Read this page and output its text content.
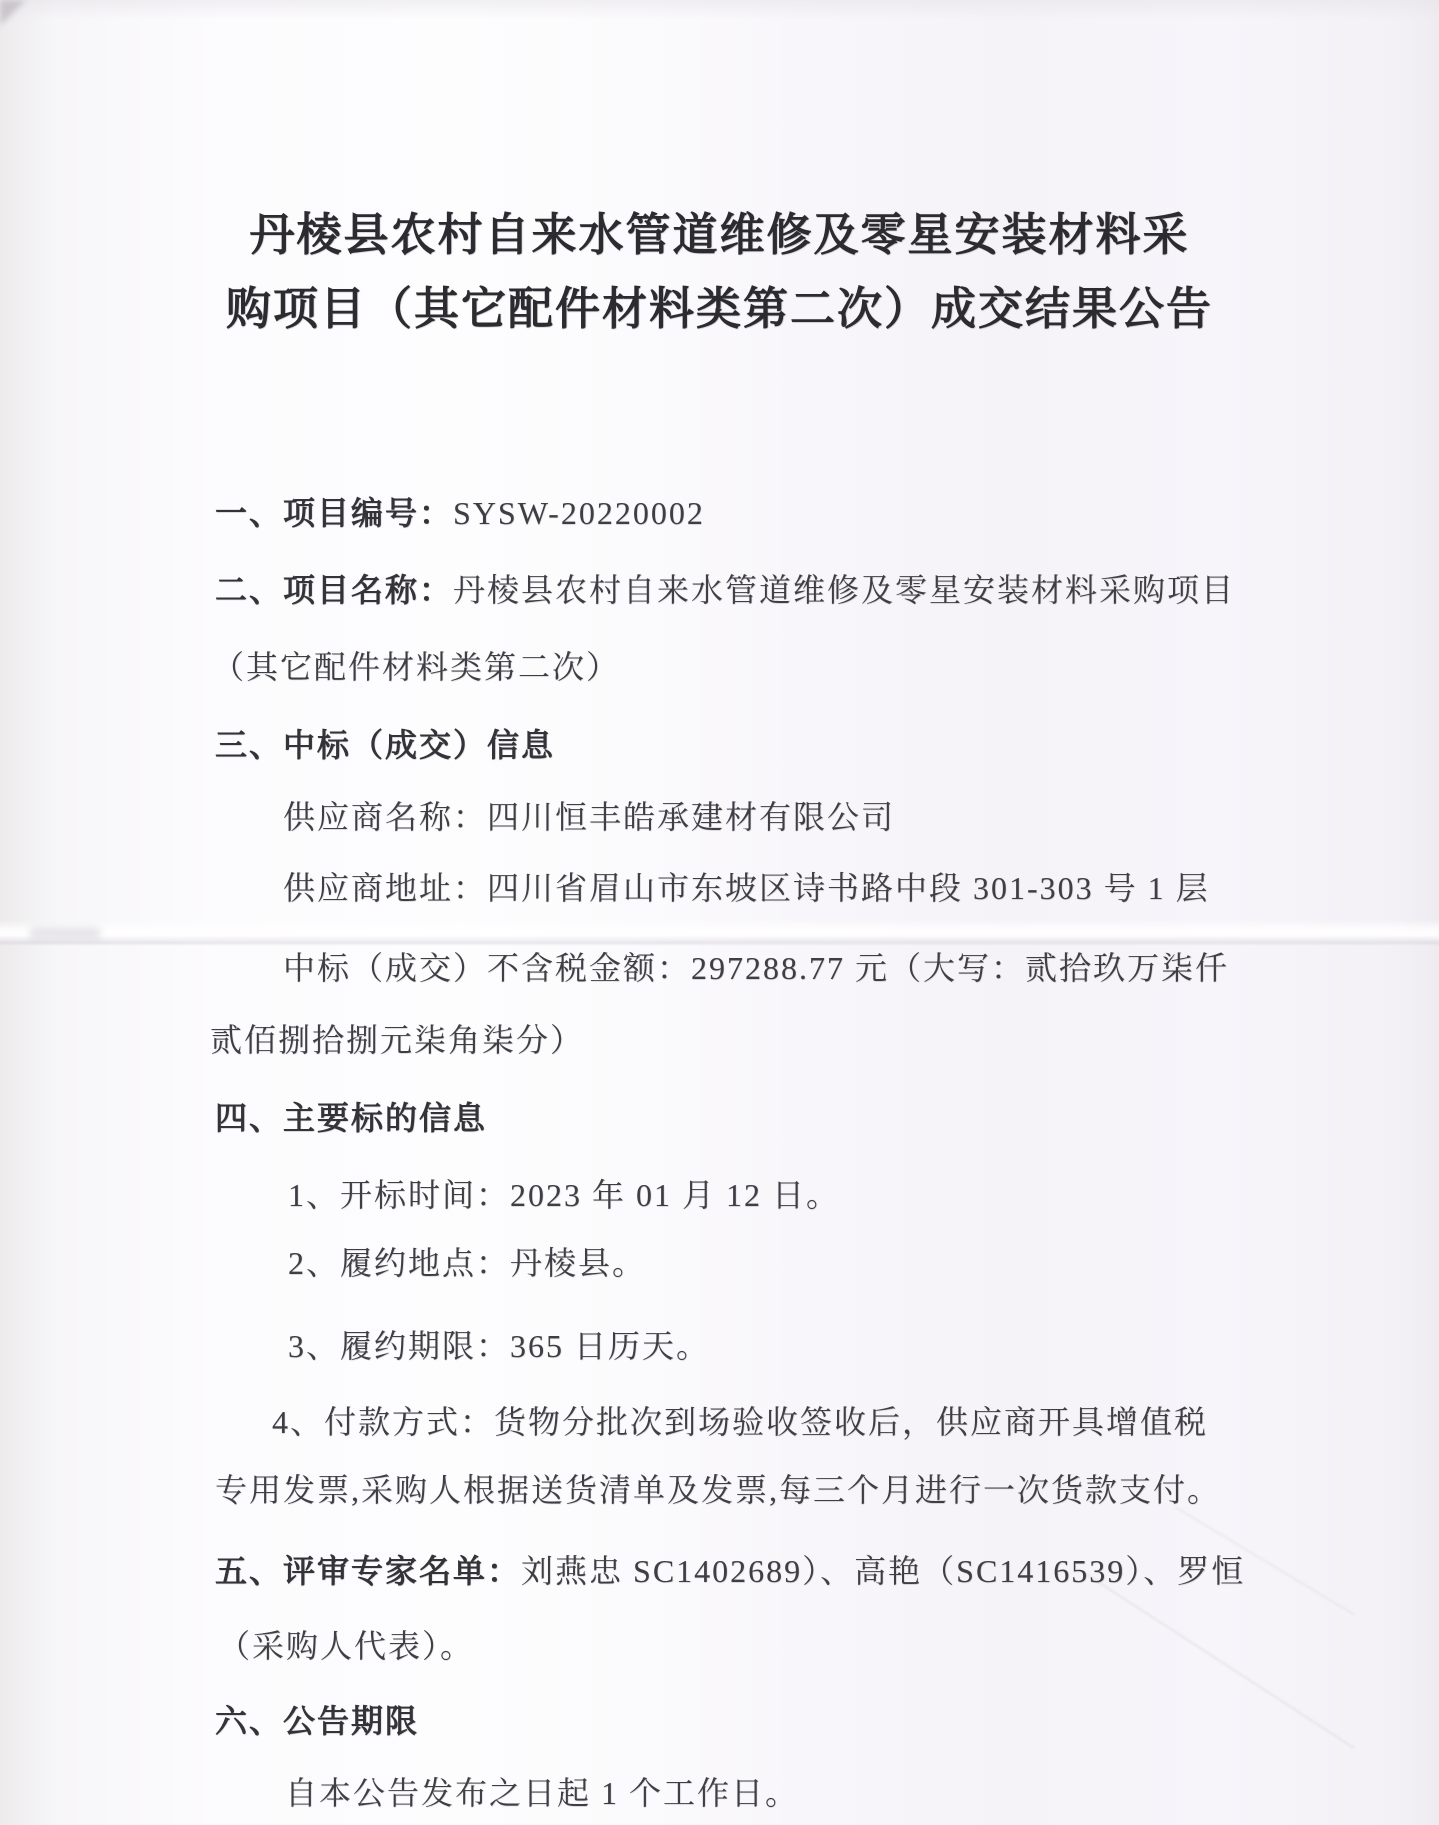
丹棱县农村自来水管道维修及零星安装材料采
购项目（其它配件材料类第二次）成交结果公告
一、项目编号：SYSW-20220002
二、项目名称：丹棱县农村自来水管道维修及零星安装材料采购项目
（其它配件材料类第二次）
三、中标（成交）信息
供应商名称：四川恒丰皓承建材有限公司
供应商地址：四川省眉山市东坡区诗书路中段 301-303 号 1 层
中标（成交）不含税金额：297288.77 元（大写：贰拾玖万柒仟
贰佰捌拾捌元柒角柒分）
四、主要标的信息
1、开标时间：2023 年 01 月 12 日。
2、履约地点：丹棱县。
3、履约期限：365 日历天。
4、付款方式：货物分批次到场验收签收后，供应商开具增值税
专用发票,采购人根据送货清单及发票,每三个月进行一次货款支付。
五、评审专家名单：刘燕忠 SC1402689）、高艳（SC1416539）、罗恒
（采购人代表）。
六、公告期限
自本公告发布之日起 1 个工作日。
